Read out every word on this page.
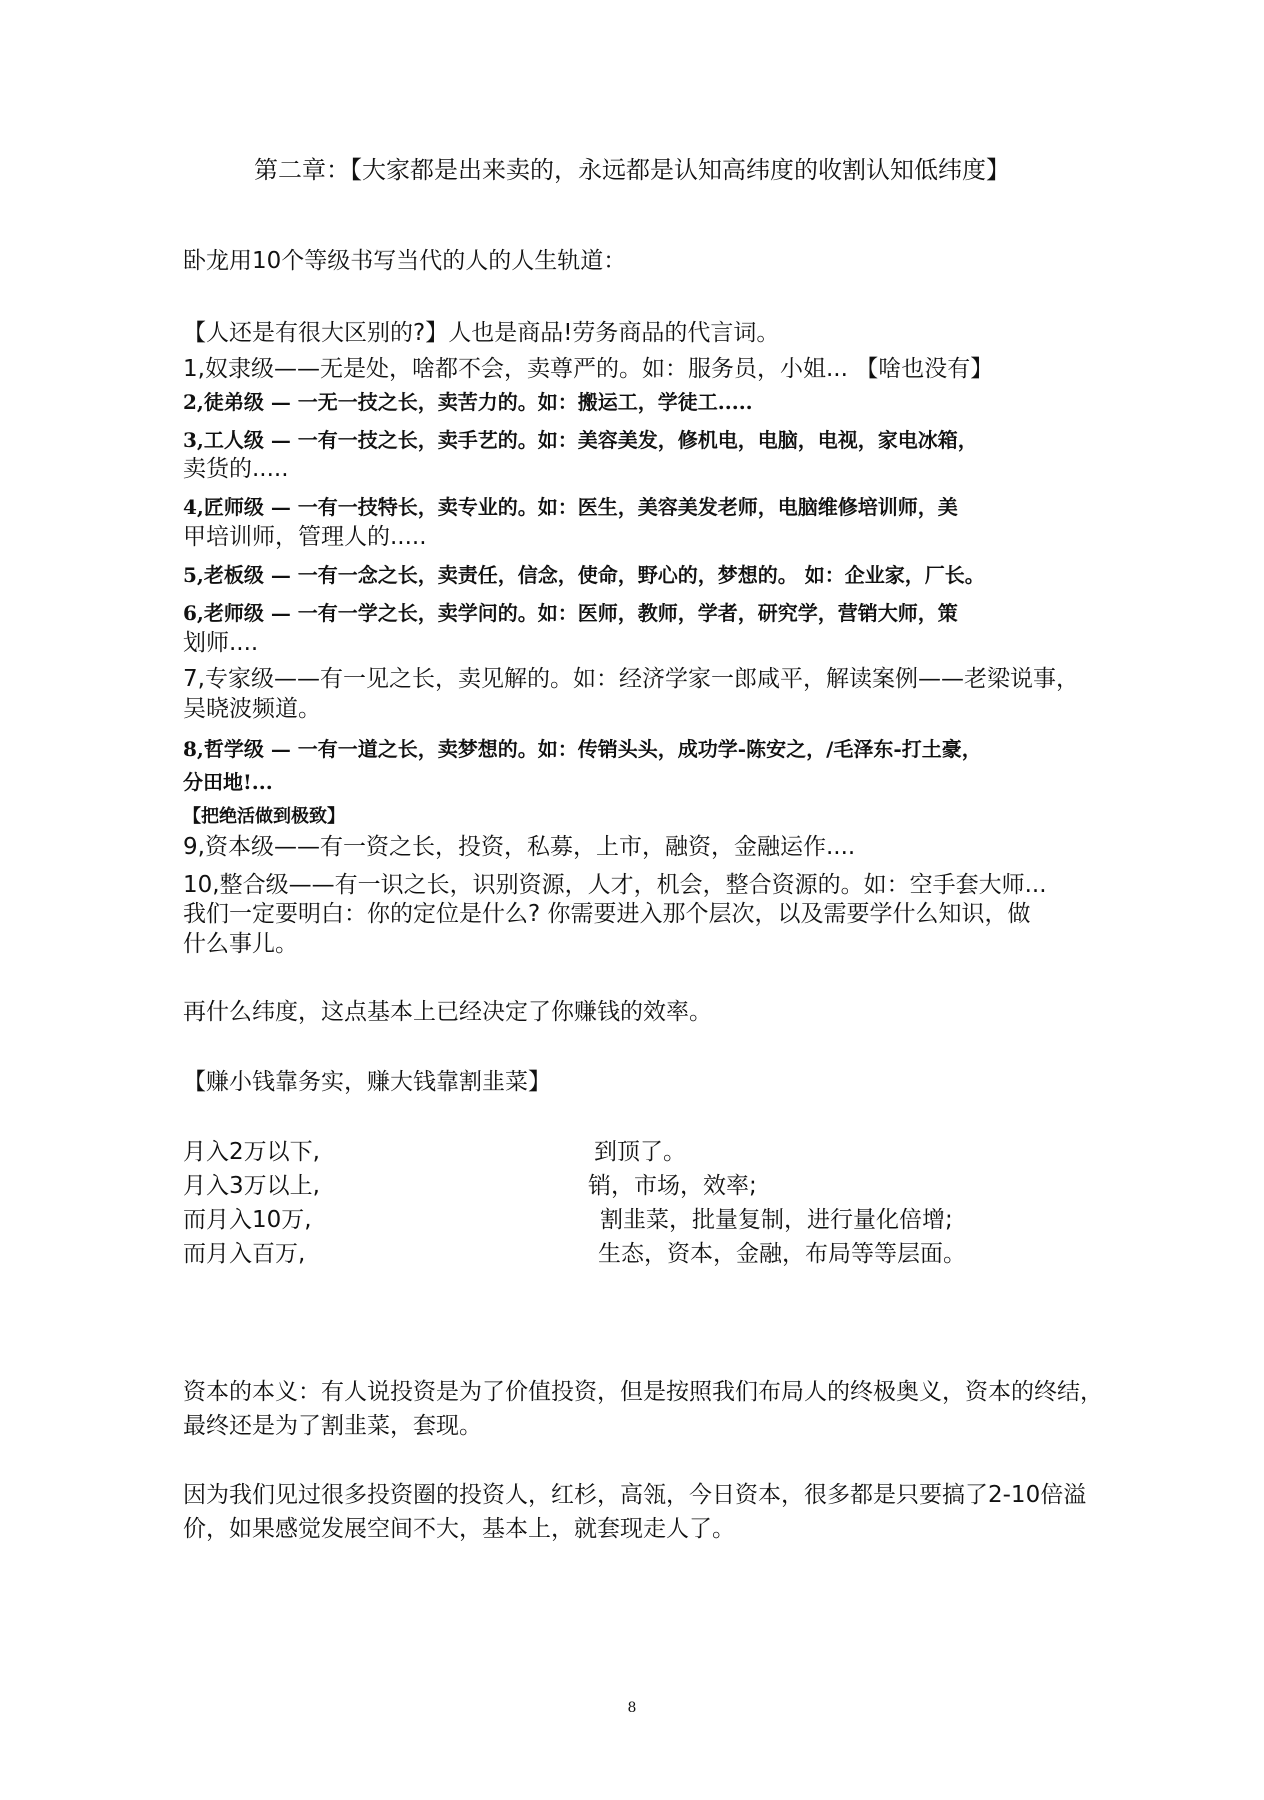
第二章：【大家都是出来卖的，永远都是认知高纬度的收割认知低纬度】
卧龙用10个等级书写当代的人的人生轨道：
【人还是有很大区别的?】人也是商品!劳务商品的代言词。
1,奴隶级——无是处，啥都不会，卖尊严的。如：服务员，小姐... 【啥也没有】
2,徒弟级 — 一无一技之长，卖苦力的。如：搬运工，学徒工.....
3,工人级 — 一有一技之长，卖手艺的。如：美容美发，修机电，电脑，电视，家电冰箱，
卖货的.....
4,匠师级 — 一有一技特长，卖专业的。如：医生，美容美发老师，电脑维修培训师，美
甲培训师，管理人的.....
5,老板级 — 一有一念之长，卖责任，信念，使命，野心的，梦想的。 如：企业家，厂长。
6,老师级 — 一有一学之长，卖学问的。如：医师，教师，学者，研究学，营销大师，策
划师....
7,专家级——有一见之长，卖见解的。如：经济学家一郎咸平，解读案例——老梁说事，
吴晓波频道。
8,哲学级 — 一有一道之长，卖梦想的。如：传销头头，成功学-陈安之，/毛泽东-打土豪，
分田地!...
【把绝活做到极致】
9,资本级——有一资之长，投资，私募，上市，融资，金融运作....
10,整合级——有一识之长，识别资源，人才，机会，整合资源的。如：空手套大师...
我们一定要明白：你的定位是什么? 你需要进入那个层次，以及需要学什么知识，做
什么事儿。
再什么纬度，这点基本上已经决定了你赚钱的效率。
【赚小钱靠务实，赚大钱靠割韭菜】
月入2万以下,	到顶了。
月入3万以上,	销，市场，效率;
而月入10万,	割韭菜，批量复制，进行量化倍增;
而月入百万,	生态，资本，金融，布局等等层面。
资本的本义：有人说投资是为了价值投资，但是按照我们布局人的终极奥义，资本的终结，
最终还是为了割韭菜，套现。
因为我们见过很多投资圈的投资人，红杉，高瓴，今日资本，很多都是只要搞了2-10倍溢
价，如果感觉发展空间不大，基本上，就套现走人了。
8
